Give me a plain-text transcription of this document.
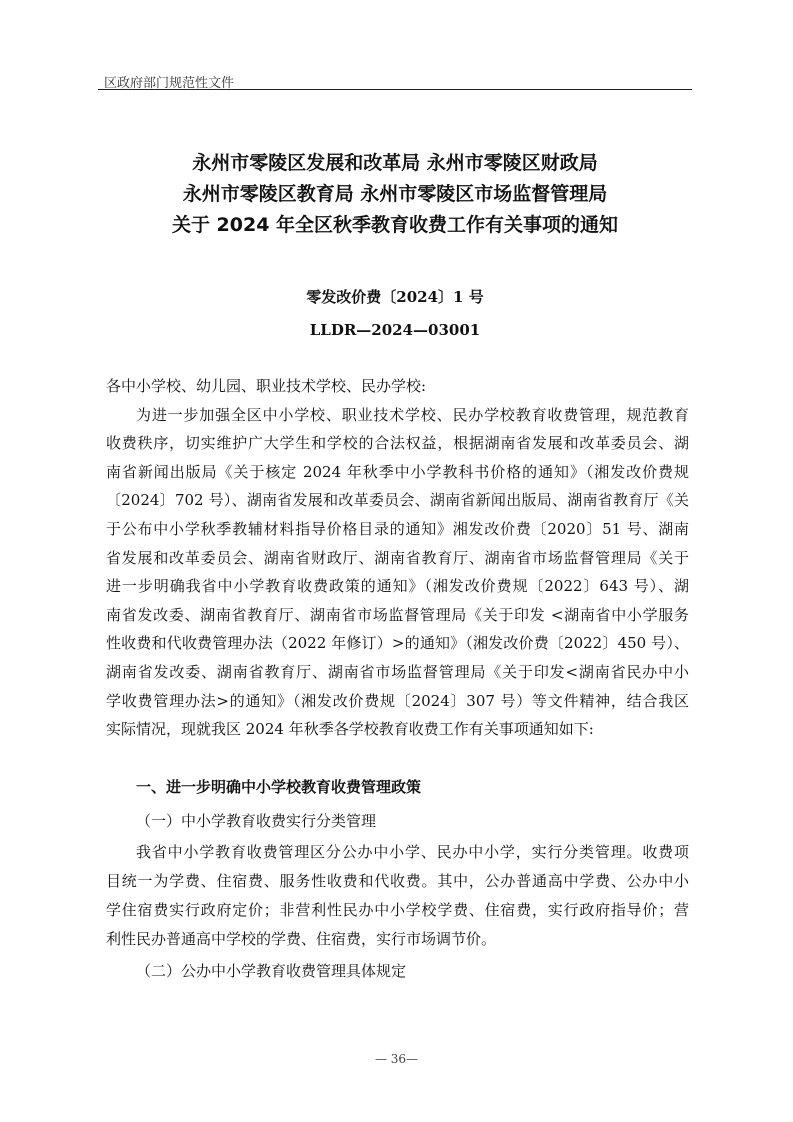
区政府部门规范性文件
永州市零陵区发展和改革局 永州市零陵区财政局
永州市零陵区教育局 永州市零陵区市场监督管理局
关于 2024 年全区秋季教育收费工作有关事项的通知
零发改价费〔2024〕1 号
LLDR—2024—03001
各中小学校、幼儿园、职业技术学校、民办学校:
为进一步加强全区中小学校、职业技术学校、民办学校教育收费管理，规范教育
收费秩序，切实维护广大学生和学校的合法权益，根据湖南省发展和改革委员会、湖
南省新闻出版局《关于核定 2024 年秋季中小学教科书价格的通知》（湘发改价费规
〔2024〕702 号）、湖南省发展和改革委员会、湖南省新闻出版局、湖南省教育厅《关
于公布中小学秋季教辅材料指导价格目录的通知》湘发改价费〔2020〕51 号、湖南
省发展和改革委员会、湖南省财政厅、湖南省教育厅、湖南省市场监督管理局《关于
进一步明确我省中小学教育收费政策的通知》（湘发改价费规〔2022〕643 号）、湖
南省发改委、湖南省教育厅、湖南省市场监督管理局《关于印发 <湖南省中小学服务
性收费和代收费管理办法（2022 年修订）>的通知》（湘发改价费〔2022〕450 号）、
湖南省发改委、湖南省教育厅、湖南省市场监督管理局《关于印发<湖南省民办中小
学收费管理办法>的通知》（湘发改价费规〔2024〕307 号）等文件精神，结合我区
实际情况，现就我区 2024 年秋季各学校教育收费工作有关事项通知如下:
一、进一步明确中小学校教育收费管理政策
（一）中小学教育收费实行分类管理
我省中小学教育收费管理区分公办中小学、民办中小学，实行分类管理。收费项
目统一为学费、住宿费、服务性收费和代收费。其中，公办普通高中学费、公办中小
学住宿费实行政府定价；非营利性民办中小学校学费、住宿费，实行政府指导价；营
利性民办普通高中学校的学费、住宿费，实行市场调节价。
（二）公办中小学教育收费管理具体规定
— 36—
